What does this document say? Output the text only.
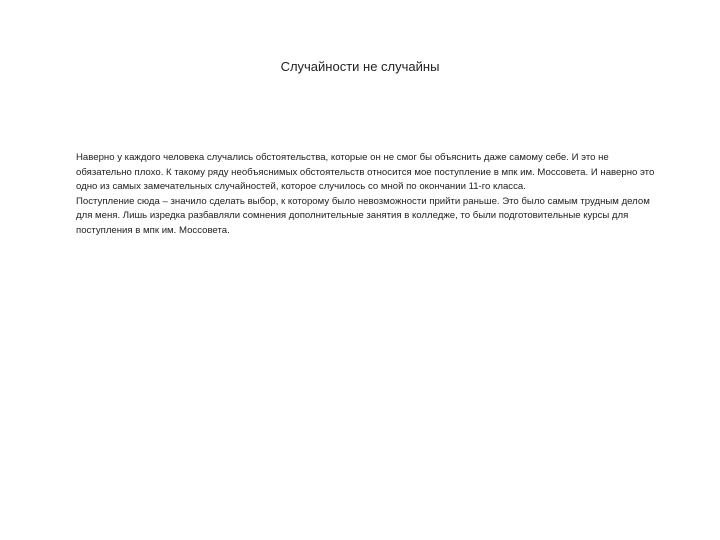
Случайности не случайны

Наверно у каждого человека случались обстоятельства, которые он не смог бы объяснить даже самому себе. И это не обязательно плохо. К такому ряду необъяснимых обстоятельств относится мое поступление в мпк им. Моссовета. И наверно это одно из самых замечательных случайностей, которое случилось со мной по окончании 11-го класса.

Поступление сюда – значило сделать выбор, к которому было невозможности прийти раньше. Это было самым трудным делом для меня. Лишь изредка разбавляли сомнения дополнительные занятия в колледже, то были подготовительные курсы для поступления в мпк им. Моссовета.
